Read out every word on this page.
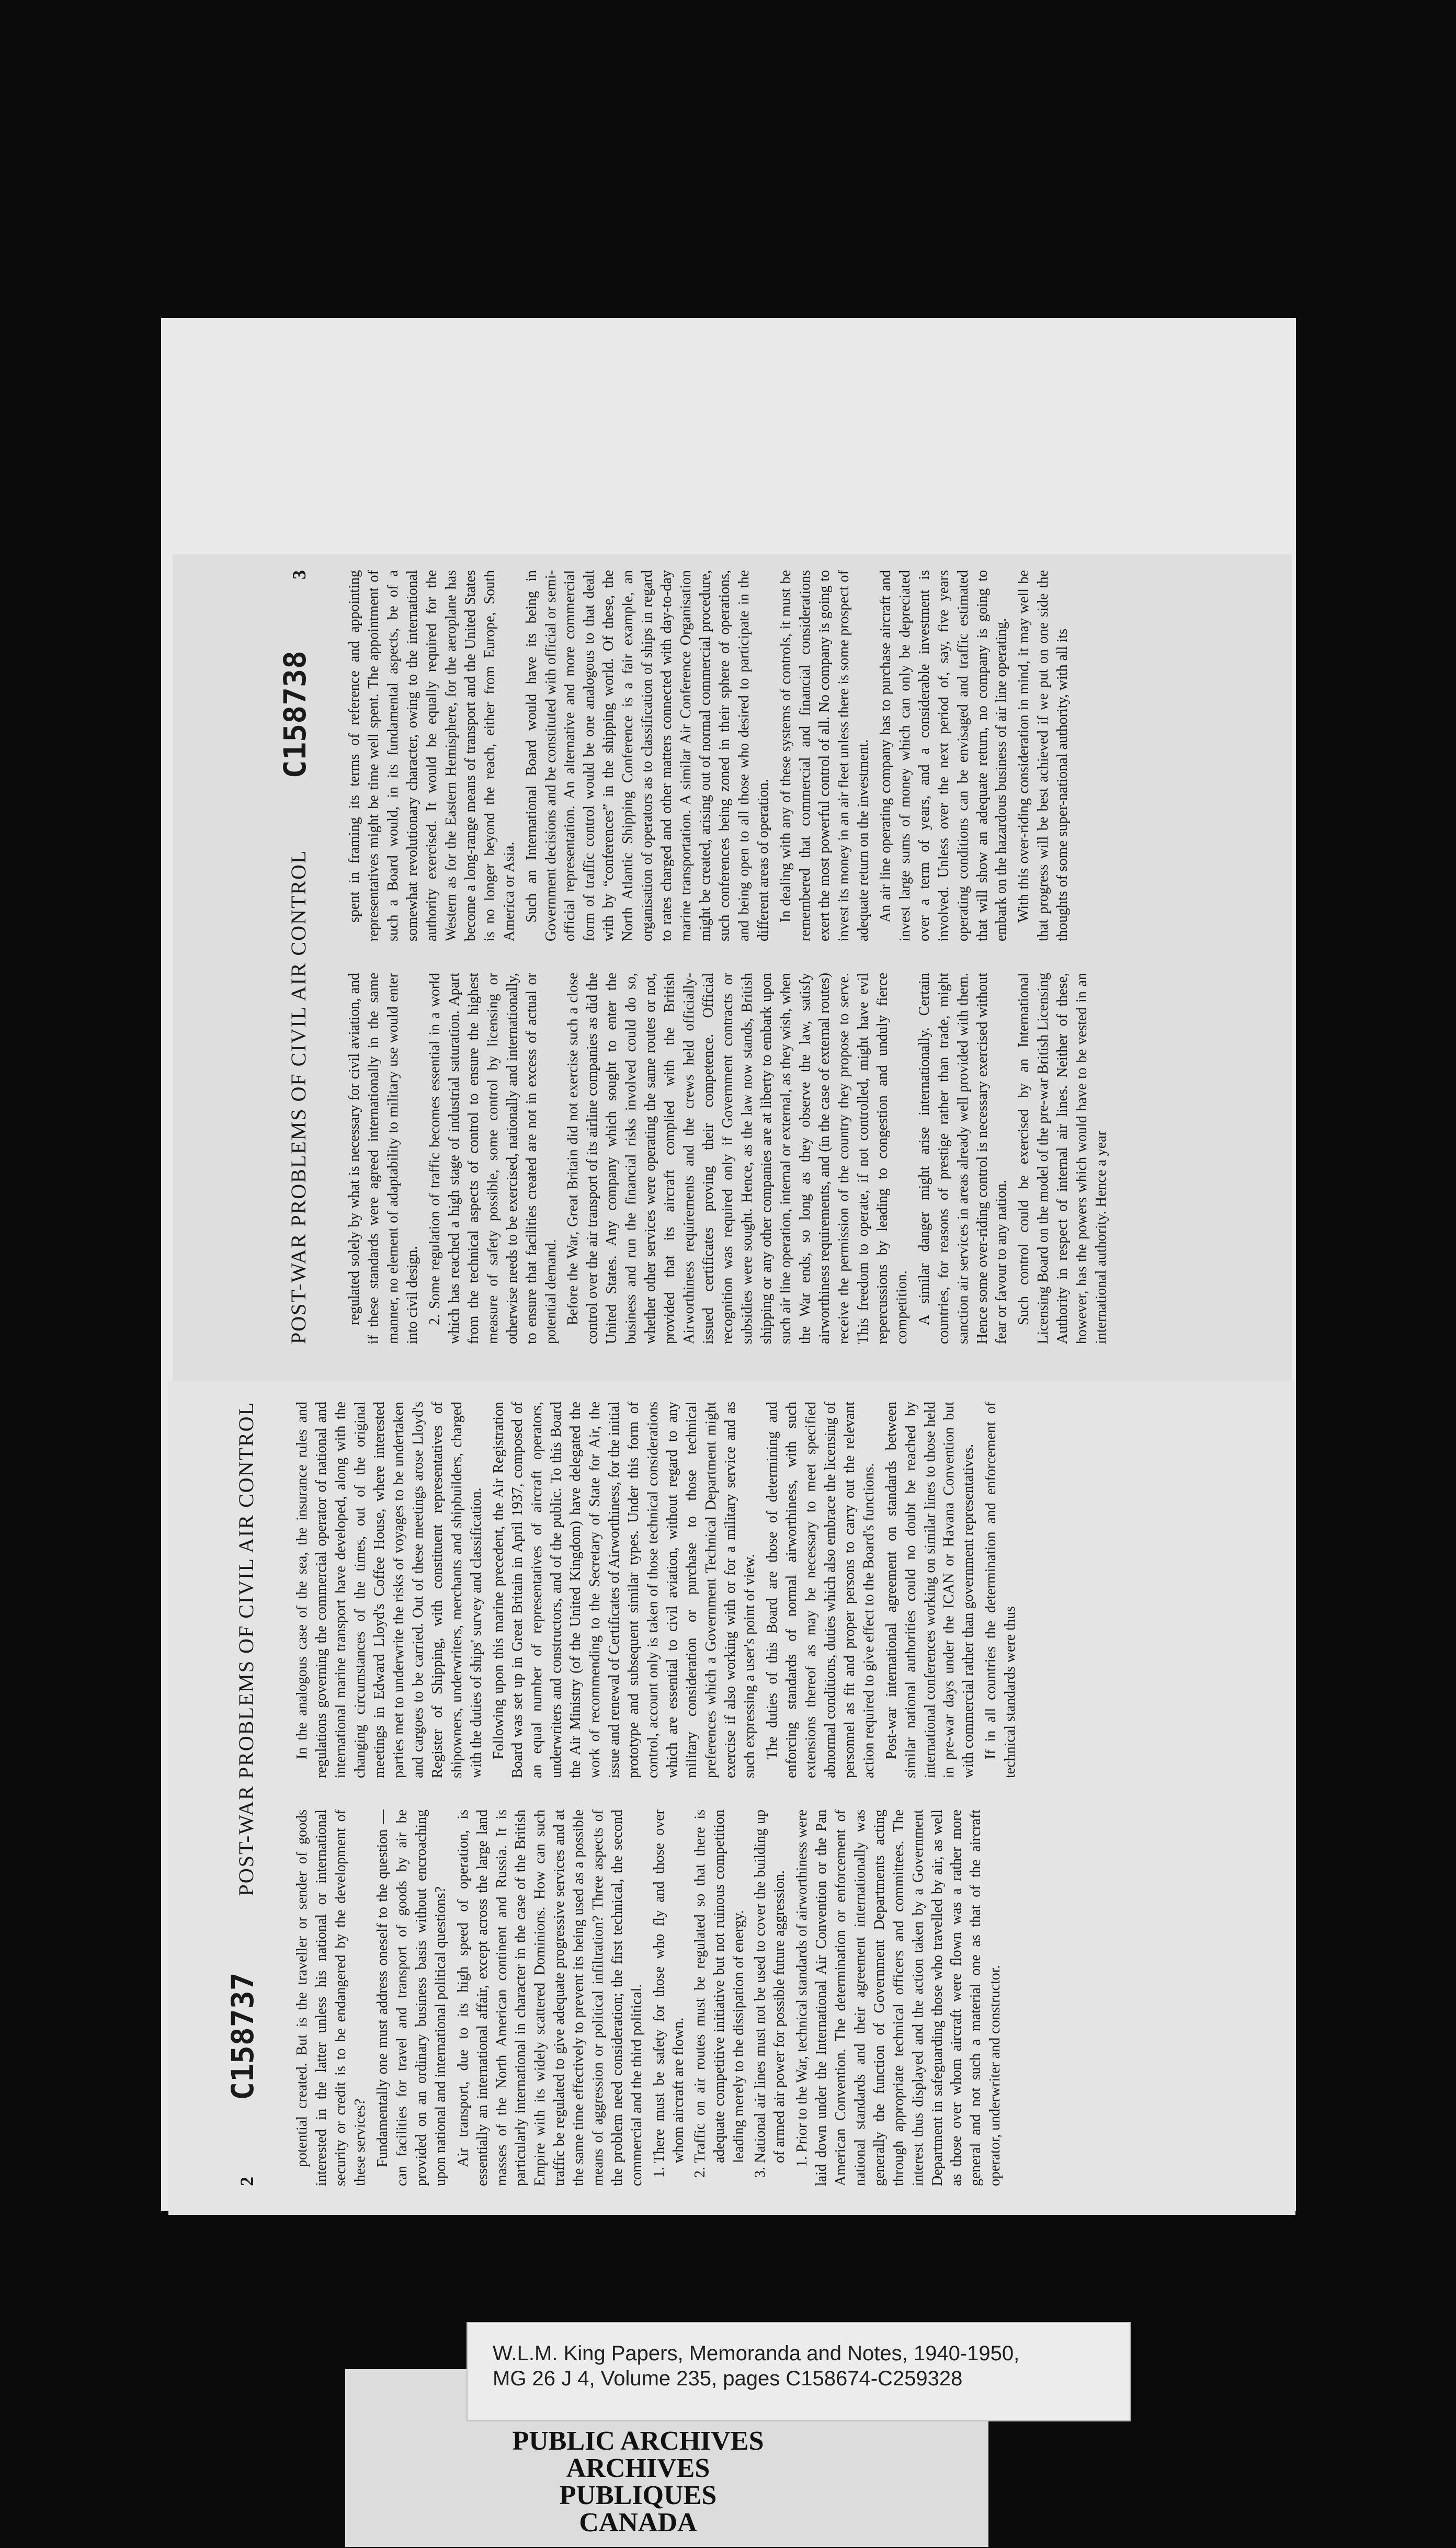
POST-WAR PROBLEMS OF CIVIL AIR CONTROL
C158738
3

regulated solely by what is necessary for civil aviation, and if these standards were agreed internationally in the same manner, no element of adaptability to military use would enter into civil design. 2. Some regulation of traffic becomes essential in a world which has reached a high stage of industrial saturation. Apart from the technical aspects of control to ensure the highest measure of safety possible, some control by licensing or otherwise needs to be exercised, nationally and internationally, to ensure that facilities created are not in excess of actual or potential demand. Before the War, Great Britain did not exercise such a close control over the air transport of its airline companies as did the United States. Any company which sought to enter the business and run the financial risks involved could do so, whether other services were operating the same routes or not, provided that its aircraft complied with the British Airworthiness requirements and the crews held officially-issued certificates proving their competence. Official recognition was required only if Government contracts or subsidies were sought. Hence, as the law now stands, British shipping or any other companies are at liberty to embark upon such air line operation, internal or external, as they wish, when the War ends, so long as they observe the law, satisfy airworthiness requirements, and (in the case of external routes) receive the permission of the country they propose to serve. This freedom to operate, if not controlled, might have evil repercussions by leading to congestion and unduly fierce competition. A similar danger might arise internationally. Certain countries, for reasons of prestige rather than trade, might sanction air services in areas already well provided with them. Hence some over-riding control is necessary exercised without fear or favour to any nation. Such control could be exercised by an International Licensing Board on the model of the pre-war British Licensing Authority in respect of internal air lines. Neither of these, however, has the powers which would have to be vested in an international authority. Hence a year

spent in framing its terms of reference and appointing representatives might be time well spent. The appointment of such a Board would, in its fundamental aspects, be of a somewhat revolutionary character, owing to the international authority exercised. It would be equally required for the Western as for the Eastern Hemisphere, for the aeroplane has become a long-range means of transport and the United States is no longer beyond the reach, either from Europe, South America or Asia. Such an International Board would have its being in Government decisions and be constituted with official or semi-official representation. An alternative and more commercial form of traffic control would be one analogous to that dealt with by “conferences” in the shipping world. Of these, the North Atlantic Shipping Conference is a fair example, an organisation of operators as to classification of ships in regard to rates charged and other matters connected with day-to-day marine transportation. A similar Air Conference Organisation might be created, arising out of normal commercial procedure, such conferences being zoned in their sphere of operations, and being open to all those who desired to participate in the different areas of operation. In dealing with any of these systems of controls, it must be remembered that commercial and financial considerations exert the most powerful control of all. No company is going to invest its money in an air fleet unless there is some prospect of adequate return on the investment. An air line operating company has to purchase aircraft and invest large sums of money which can only be depreciated over a term of years, and a considerable investment is involved. Unless over the next period of, say, five years operating conditions can be envisaged and traffic estimated that will show an adequate return, no company is going to embark on the hazardous business of air line operating. With this over-riding consideration in mind, it may well be that progress will be best achieved if we put on one side the thoughts of some super-national authority, with all its

2
C158737
POST-WAR PROBLEMS OF CIVIL AIR CONTROL

potential created. But is the traveller or sender of goods interested in the latter unless his national or international security or credit is to be endangered by the development of these services? Fundamentally one must address oneself to the question — can facilities for travel and transport of goods by air be provided on an ordinary business basis without encroaching upon national and international political questions? Air transport, due to its high speed of operation, is essentially an international affair, except across the large land masses of the North American continent and Russia. It is particularly international in character in the case of the British Empire with its widely scattered Dominions. How can such traffic be regulated to give adequate progressive services and at the same time effectively to prevent its being used as a possible means of aggression or political infiltration? Three aspects of the problem need consideration; the first technical, the second commercial and the third political. 1. There must be safety for those who fly and those over whom aircraft are flown. 2. Traffic on air routes must be regulated so that there is adequate competitive initiative but not ruinous competition leading merely to the dissipation of energy. 3. National air lines must not be used to cover the building up of armed air power for possible future aggression. 1. Prior to the War, technical standards of airworthiness were laid down under the International Air Convention or the Pan American Convention. The determination or enforcement of national standards and their agreement internationally was generally the function of Government Departments acting through appropriate technical officers and committees. The interest thus displayed and the action taken by a Government Department in safeguarding those who travelled by air, as well as those over whom aircraft were flown was a rather more general and not such a material one as that of the aircraft operator, underwriter and constructor.

In the analogous case of the sea, the insurance rules and regulations governing the commercial operator of national and international marine transport have developed, along with the changing circumstances of the times, out of the original meetings in Edward Lloyd's Coffee House, where interested parties met to underwrite the risks of voyages to be undertaken and cargoes to be carried. Out of these meetings arose Lloyd's Register of Shipping, with constituent representatives of shipowners, underwriters, merchants and shipbuilders, charged with the duties of ships' survey and classification. Following upon this marine precedent, the Air Registration Board was set up in Great Britain in April 1937, composed of an equal number of representatives of aircraft operators, underwriters and constructors, and of the public. To this Board the Air Ministry (of the United Kingdom) have delegated the work of recommending to the Secretary of State for Air, the issue and renewal of Certificates of Airworthiness, for the initial prototype and subsequent similar types. Under this form of control, account only is taken of those technical considerations which are essential to civil aviation, without regard to any military consideration or purchase to those technical preferences which a Government Technical Department might exercise if also working with or for a military service and as such expressing a user's point of view. The duties of this Board are those of determining and enforcing standards of normal airworthiness, with such extensions thereof as may be necessary to meet specified abnormal conditions, duties which also embrace the licensing of personnel as fit and proper persons to carry out the relevant action required to give effect to the Board's functions. Post-war international agreement on standards between similar national authorities could no doubt be reached by international conferences working on similar lines to those held in pre-war days under the ICAN or Havana Convention but with commercial rather than government representatives. If in all countries the determination and enforcement of technical standards were thus

PUBLIC ARCHIVES
ARCHIVES PUBLIQUES
CANADA
W.L.M. King Papers, Memoranda and Notes, 1940-1950,
MG 26 J 4, Volume 235, pages C158674-C259328
